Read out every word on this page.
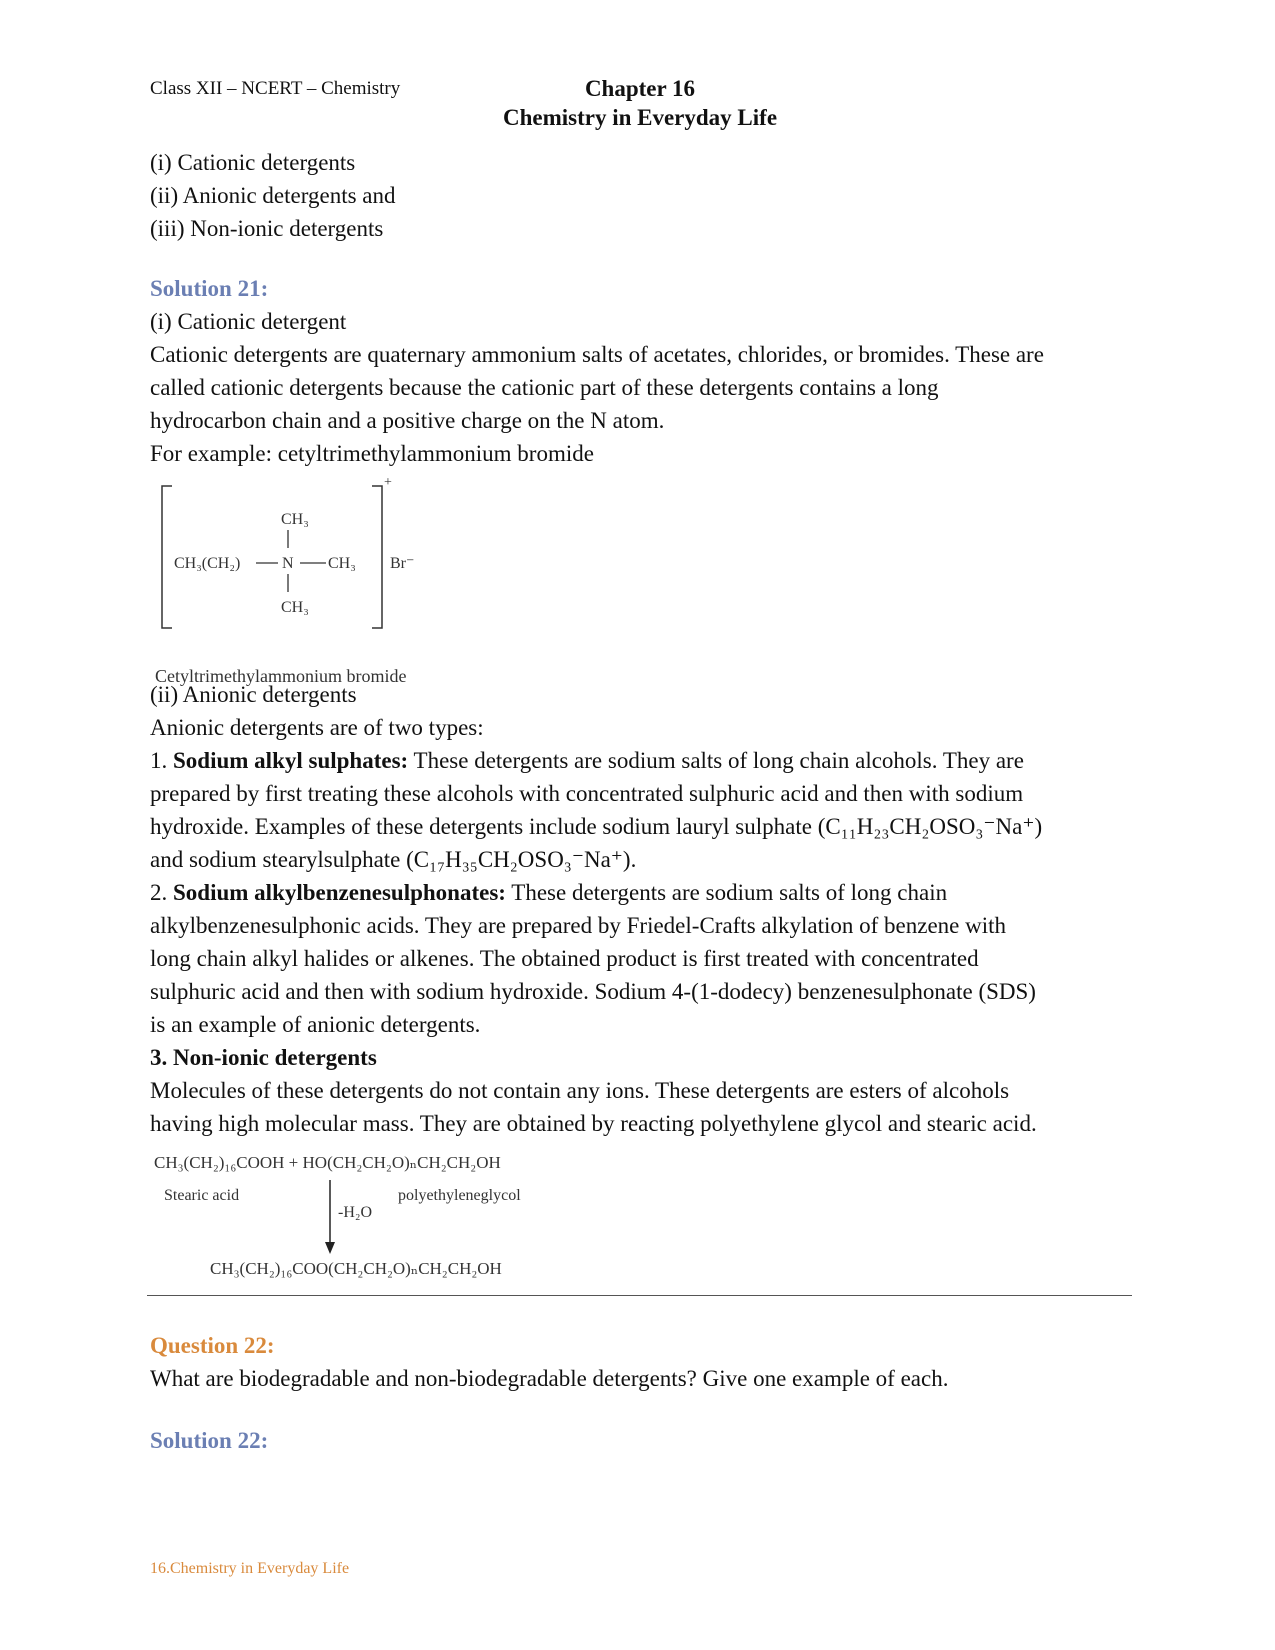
Class XII – NCERT – Chemistry	Chapter 16
Chemistry in Everyday Life
(i) Cationic detergents
(ii) Anionic detergents and
(iii) Non-ionic detergents
Solution 21:
(i) Cationic detergent
Cationic detergents are quaternary ammonium salts of acetates, chlorides, or bromides. These are
called cationic detergents because the cationic part of these detergents contains a long
hydrocarbon chain and a positive charge on the N atom.
For example: cetyltrimethylammonium bromide
+
CH₃
CH₃(CH₂)	N CH₃
CH₃
Br⁻
Cetyltrimethylammonium bromide
(ii) Anionic detergents
Anionic detergents are of two types:
1. Sodium alkyl sulphates: These detergents are sodium salts of long chain alcohols. They are
prepared by first treating these alcohols with concentrated sulphuric acid and then with sodium
hydroxide. Examples of these detergents include sodium lauryl sulphate (C₁₁H₂₃CH₂OSO₃⁻Na⁺)
and sodium stearylsulphate (C₁₇H₃₅CH₂OSO₃⁻Na⁺).
2. Sodium alkylbenzenesulphonates: These detergents are sodium salts of long chain
alkylbenzenesulphonic acids. They are prepared by Friedel-Crafts alkylation of benzene with
long chain alkyl halides or alkenes. The obtained product is first treated with concentrated
sulphuric acid and then with sodium hydroxide. Sodium 4-(1-dodecy) benzenesulphonate (SDS)
is an example of anionic detergents.
3. Non-ionic detergents
Molecules of these detergents do not contain any ions. These detergents are esters of alcohols
having high molecular mass. They are obtained by reacting polyethylene glycol and stearic acid.
CH₃(CH₂)₁₆COOH + HO(CH₂CH₂O)ₙCH₂CH₂OH
Stearic acid	polyethyleneglycol
-H₂O
CH₃(CH₂)₁₆COO(CH₂CH₂O)ₙCH₂CH₂OH
Question 22:
What are biodegradable and non-biodegradable detergents? Give one example of each.
Solution 22:
16.Chemistry in Everyday Life
